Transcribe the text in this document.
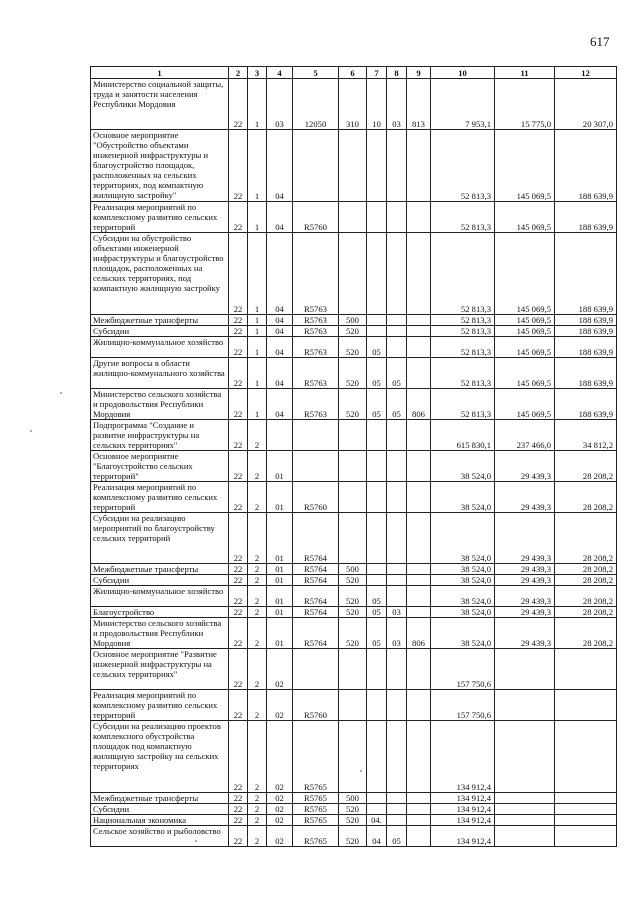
617
1	2	3	4	5	6	7	8	9	10	11	12
Министерство социальной защиты, труда и занятости населения Республики Мордовия	22	1	03	12050	310	10	03	813	7 953,1	15 775,0	20 307,0
Основное мероприятие "Обустройство объектами инженерной инфраструктуры и благоустройство площадок, расположенных на сельских территориях, под компактную жилищную застройку"	22	1	04						52 813,3	145 069,5	188 639,9
Реализация мероприятий по комплексному развитию сельских территорий	22	1	04	R5760					52 813,3	145 069,5	188 639,9
Субсидии на обустройство объектами инженерной инфраструктуры и благоустройство площадок, расположенных на сельских территориях, под компактную жилищную застройку	22	1	04	R5763					52 813,3	145 069,5	188 639,9
Межбюджетные трансферты	22	1	04	R5763	500				52 813,3	145 069,5	188 639,9
Субсидии	22	1	04	R5763	520				52 813,3	145 069,5	188 639,9
Жилищно-коммунальное хозяйство	22	1	04	R5763	520	05			52 813,3	145 069,5	188 639,9
Другие вопросы в области жилищно-коммунального хозяйства	22	1	04	R5763	520	05	05		52 813,3	145 069,5	188 639,9
Министерство сельского хозяйства и продовольствия Республики Мордовия	22	1	04	R5763	520	05	05	806	52 813,3	145 069,5	188 639,9
Подпрограмма "Создание и развитие инфраструктуры на сельских территориях"	22	2							615 830,1	237 466,0	34 812,2
Основное мероприятие "Благоустройство сельских территорий"	22	2	01						38 524,0	29 439,3	28 208,2
Реализация мероприятий по комплексному развитию сельских территорий	22	2	01	R5760					38 524,0	29 439,3	28 208,2
Субсидии на реализацию мероприятий по благоустройству сельских территорий	22	2	01	R5764					38 524,0	29 439,3	28 208,2
Межбюджетные трансферты	22	2	01	R5764	500				38 524,0	29 439,3	28 208,2
Субсидии	22	2	01	R5764	520				38 524,0	29 439,3	28 208,2
Жилищно-коммунальное хозяйство	22	2	01	R5764	520	05			38 524,0	29 439,3	28 208,2
Благоустройство	22	2	01	R5764	520	05	03		38 524,0	29 439,3	28 208,2
Министерство сельского хозяйства и продовольствия Республики Мордовия	22	2	01	R5764	520	05	03	806	38 524,0	29 439,3	28 208,2
Основное мероприятие "Развитие инженерной инфраструктуры на сельских территориях"	22	2	02						157 750,6		
Реализация мероприятий по комплексному развитию сельских территорий	22	2	02	R5760					157 750,6		
Субсидии на реализацию проектов комплексного обустройства площадок под компактную жилищную застройку на сельских территориях	22	2	02	R5765					134 912,4		
Межбюджетные трансферты	22	2	02	R5765	500				134 912,4		
Субсидии	22	2	02	R5765	520				134 912,4		
Национальная экономика	22	2	02	R5765	520	04.			134 912,4		
Сельское хозяйство и рыболовство	22	2	02	R5765	520	04	05		134 912,4		
